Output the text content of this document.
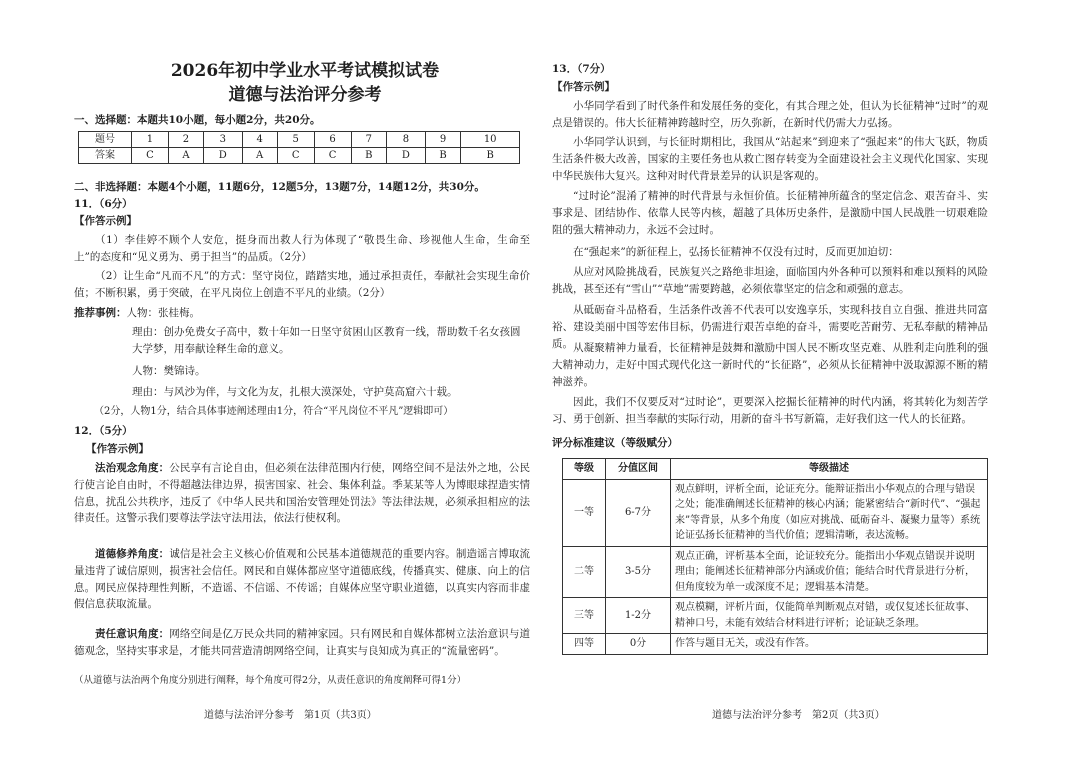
2026年初中学业水平考试模拟试卷
道德与法治评分参考
一、选择题：本题共10小题，每小题2分，共20分。
题号	1	2	3	4	5	6	7	8	9	10
答案	C	A	D	A	C	C	B	D	B	B
二、非选择题：本题4个小题，11题6分，12题5分，13题7分，14题12分，共30分。
11．（6分）
【作答示例】
（1）李佳婷不顾个人安危，挺身而出救人行为体现了“敬畏生命、珍视他人生命，生命至上”的态度和“见义勇为、勇于担当”的品质。（2分）
（2）让生命“凡而不凡”的方式：坚守岗位，踏踏实地，通过承担责任，奉献社会实现生命价值；不断积累，勇于突破，在平凡岗位上创造不平凡的业绩。（2分）
推荐事例：人物：张桂梅。
理由：创办免费女子高中，数十年如一日坚守贫困山区教育一线，帮助数千名女孩圆大学梦，用奉献诠释生命的意义。
人物：樊锦诗。
理由：与风沙为伴，与文化为友，扎根大漠深处，守护莫高窟六十载。
（2分，人物1分，结合具体事迹阐述理由1分，符合“平凡岗位不平凡”逻辑即可）
12．（5分）
【作答示例】
法治观念角度：公民享有言论自由，但必须在法律范围内行使，网络空间不是法外之地，公民行使言论自由时，不得超越法律边界，损害国家、社会、集体利益。季某某等人为博眼球捏造实情信息，扰乱公共秩序，违反了《中华人民共和国治安管理处罚法》等法律法规，必须承担相应的法律责任。这警示我们要尊法学法守法用法，依法行使权利。
道德修养角度：诚信是社会主义核心价值观和公民基本道德规范的重要内容。制造谣言博取流量违背了诚信原则，损害社会信任。网民和自媒体都应坚守道德底线，传播真实、健康、向上的信息。网民应保持理性判断，不造谣、不信谣、不传谣；自媒体应坚守职业道德，以真实内容而非虚假信息获取流量。
责任意识角度：网络空间是亿万民众共同的精神家园。只有网民和自媒体都树立法治意识与道德观念，坚持实事求是，才能共同营造清朗网络空间，让真实与良知成为真正的“流量密码”。
（从道德与法治两个角度分别进行阐释，每个角度可得2分，从责任意识的角度阐释可得1分）
道德与法治评分参考　第1页（共3页）
13．（7分）
【作答示例】
小华同学看到了时代条件和发展任务的变化，有其合理之处，但认为长征精神“过时”的观点是错误的。伟大长征精神跨越时空，历久弥新，在新时代仍需大力弘扬。
小华同学认识到，与长征时期相比，我国从“站起来”到迎来了“强起来”的伟大飞跃，物质生活条件极大改善，国家的主要任务也从救亡图存转变为全面建设社会主义现代化国家、实现中华民族伟大复兴。这种对时代背景差异的认识是客观的。
“过时论”混淆了精神的时代背景与永恒价值。长征精神所蕴含的坚定信念、艰苦奋斗、实事求是、团结协作、依靠人民等内核，超越了具体历史条件，是激励中国人民战胜一切艰难险阻的强大精神动力，永远不会过时。
在“强起来”的新征程上，弘扬长征精神不仅没有过时，反而更加迫切：
从应对风险挑战看，民族复兴之路绝非坦途，面临国内外各种可以预料和难以预料的风险挑战，甚至还有“雪山”“草地”需要跨越，必须依靠坚定的信念和顽强的意志。
从砥砺奋斗品格看，生活条件改善不代表可以安逸享乐，实现科技自立自强、推进共同富裕、建设美丽中国等宏伟目标，仍需进行艰苦卓绝的奋斗，需要吃苦耐劳、无私奉献的精神品质。 从凝聚精神力量看，长征精神是鼓舞和激励中国人民不断攻坚克难、从胜利走向胜利的强大精神动力，走好中国式现代化这一新时代的“长征路”，必须从长征精神中汲取源源不断的精神滋养。
因此，我们不仅要反对“过时论”，更要深入挖掘长征精神的时代内涵，将其转化为刻苦学习、勇于创新、担当奉献的实际行动，用新的奋斗书写新篇，走好我们这一代人的长征路。
评分标准建议（等级赋分）
等级	分值区间	等级描述
一等	6-7分	观点鲜明，评析全面，论证充分。能辩证指出小华观点的合理与错误之处；能准确阐述长征精神的核心内涵；能紧密结合“新时代”、“强起来”等背景，从多个角度（如应对挑战、砥砺奋斗、凝聚力量等）系统论证弘扬长征精神的当代价值；逻辑清晰，表达流畅。
二等	3-5分	观点正确，评析基本全面，论证较充分。能指出小华观点错误并说明理由；能阐述长征精神部分内涵或价值；能结合时代背景进行分析，但角度较为单一或深度不足；逻辑基本清楚。
三等	1-2分	观点模糊，评析片面，仅能简单判断观点对错，或仅复述长征故事、精神口号，未能有效结合材料进行评析；论证缺乏条理。
四等	0分	作答与题目无关，或没有作答。
道德与法治评分参考　第2页（共3页）
